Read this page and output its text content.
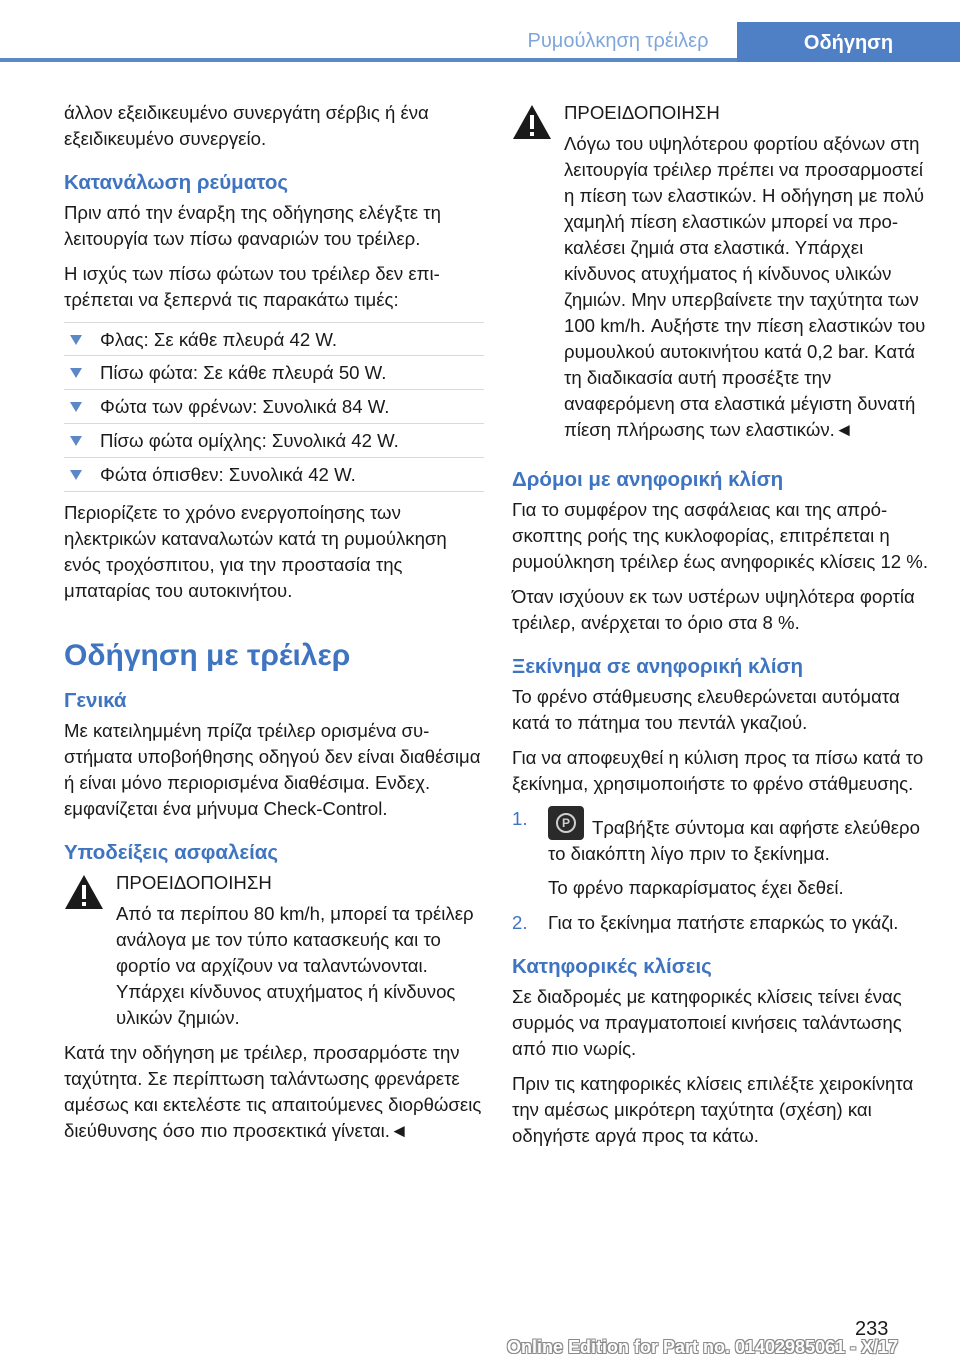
Ρυμούλκηση τρέιλερ	Οδήγηση

άλλον εξειδικευμένο συνεργάτη σέρβις ή ένα εξειδικευμένο συνεργείο.

Κατανάλωση ρεύματος

Πριν από την έναρξη της οδήγησης ελέγξτε τη λειτουργία των πίσω φαναριών του τρέιλερ.

Η ισχύς των πίσω φώτων του τρέιλερ δεν επιτρέπεται να ξεπερνά τις παρακάτω τιμές:

Φλας: Σε κάθε πλευρά 42 W.
Πίσω φώτα: Σε κάθε πλευρά 50 W.
Φώτα των φρένων: Συνολικά 84 W.
Πίσω φώτα ομίχλης: Συνολικά 42 W.
Φώτα όπισθεν: Συνολικά 42 W.

Περιορίζετε το χρόνο ενεργοποίησης των ηλεκτρικών καταναλωτών κατά τη ρυμούλκηση ενός τροχόσπιτου, για την προστασία της μπαταρίας του αυτοκινήτου.

Οδήγηση με τρέιλερ
Γενικά

Με κατειλημμένη πρίζα τρέιλερ ορισμένα συστήματα υποβοήθησης οδηγού δεν είναι διαθέσιμα ή είναι μόνο περιορισμένα διαθέσιμα. Ενδεχ. εμφανίζεται ένα μήνυμα Check-Control.

Υποδείξεις ασφαλείας

ΠΡΟΕΙΔΟΠΟΙΗΣΗ

Από τα περίπου 80 km/h, μπορεί τα τρέιλερ ανάλογα με τον τύπο κατασκευής και το φορτίο να αρχίζουν να ταλαντώνονται. Υπάρχει κίνδυνος ατυχήματος ή κίνδυνος υλικών ζημιών.

Κατά την οδήγηση με τρέιλερ, προσαρμόστε την ταχύτητα. Σε περίπτωση ταλάντωσης φρενάρετε αμέσως και εκτελέστε τις απαιτούμενες διορθώσεις διεύθυνσης όσο πιο προσεκτικά γίνεται.◄

ΠΡΟΕΙΔΟΠΟΙΗΣΗ

Λόγω του υψηλότερου φορτίου αξόνων στη λειτουργία τρέιλερ πρέπει να προσαρμοστεί η πίεση των ελαστικών. Η οδήγηση με πολύ χαμηλή πίεση ελαστικών μπορεί να προκαλέσει ζημιά στα ελαστικά. Υπάρχει κίνδυνος ατυχήματος ή κίνδυνος υλικών ζημιών. Μην υπερβαίνετε την ταχύτητα των 100 km/h. Αυξήστε την πίεση ελαστικών του ρυμουλκού αυτοκινήτου κατά 0,2 bar. Κατά τη διαδικασία αυτή προσέξτε την αναφερόμενη στα ελαστικά μέγιστη δυνατή πίεση πλήρωσης των ελαστικών.◄

Δρόμοι με ανηφορική κλίση

Για το συμφέρον της ασφάλειας και της απρόσκοπτης ροής της κυκλοφορίας, επιτρέπεται η ρυμούλκηση τρέιλερ έως ανηφορικές κλίσεις 12 %.

Όταν ισχύουν εκ των υστέρων υψηλότερα φορτία τρέιλερ, ανέρχεται το όριο στα 8 %.

Ξεκίνημα σε ανηφορική κλίση

Το φρένο στάθμευσης ελευθερώνεται αυτόματα κατά το πάτημα του πεντάλ γκαζιού.

Για να αποφευχθεί η κύλιση προς τα πίσω κατά το ξεκίνημα, χρησιμοποιήστε το φρένο στάθμευσης.

1.	P	Τραβήξτε σύντομα και αφήστε ελεύθερο το διακόπτη λίγο πριν το ξεκίνημα.

Το φρένο παρκαρίσματος έχει δεθεί.

2. Για το ξεκίνημα πατήστε επαρκώς το γκάζι.
Κατηφορικές κλίσεις

Σε διαδρομές με κατηφορικές κλίσεις τείνει ένας συρμός να πραγματοποιεί κινήσεις ταλάντωσης από πιο νωρίς.

Πριν τις κατηφορικές κλίσεις επιλέξτε χειροκίνητα την αμέσως μικρότερη ταχύτητα (σχέση) και οδηγήστε αργά προς τα κάτω.

233
Online Edition for Part no. 01402985061 - X/17
